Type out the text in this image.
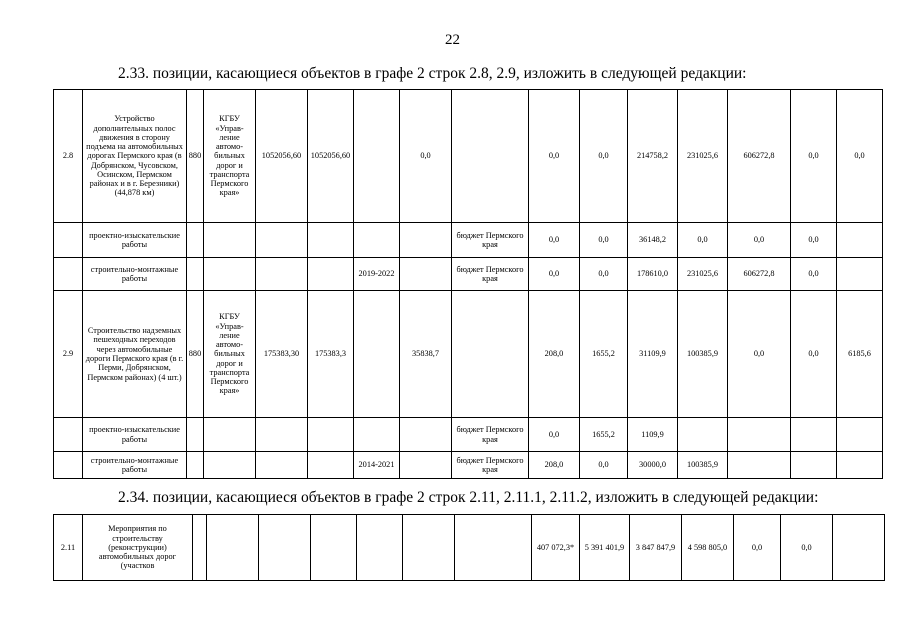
22
2.33. позиции, касающиеся объектов в графе 2 строк 2.8, 2.9, изложить в следующей редакции:
2.8	Устройство дополнительных полос движения в сторону подъема на автомобильных дорогах Пермского края (в Добрянском, Чусовском, Осинском, Пермском районах и в г. Березники) (44,878 км)	880	КГБУ «Управ- ление автомо- бильных дорог и транспорта Пермского края»	1052056,60	1052056,60		0,0		0,0	0,0	214758,2	231025,6	606272,8	0,0	0,0
	проектно-изыскательские работы							бюджет Пермского края	0,0	0,0	36148,2	0,0	0,0	0,0	
	строительно-монтажные работы					2019-2022		бюджет Пермского края	0,0	0,0	178610,0	231025,6	606272,8	0,0	
2.9	Строительство надземных пешеходных переходов через автомобильные дороги Пермского края (в г. Перми, Добрянском, Пермском районах) (4 шт.)	880	КГБУ «Управ- ление автомо- бильных дорог и транспорта Пермского края»	175383,30	175383,3		35838,7		208,0	1655,2	31109,9	100385,9	0,0	0,0	6185,6
	проектно-изыскательские работы							бюджет Пермского края	0,0	1655,2	1109,9				
	строительно-монтажные работы					2014-2021		бюджет Пермского края	208,0	0,0	30000,0	100385,9			
2.34. позиции, касающиеся объектов в графе 2 строк 2.11, 2.11.1, 2.11.2, изложить в следующей редакции:
2.11	Мероприятия по строительству (реконструкции) автомобильных дорог (участков								407 072,3*	5 391 401,9	3 847 847,9	4 598 805,0	0,0	0,0	
